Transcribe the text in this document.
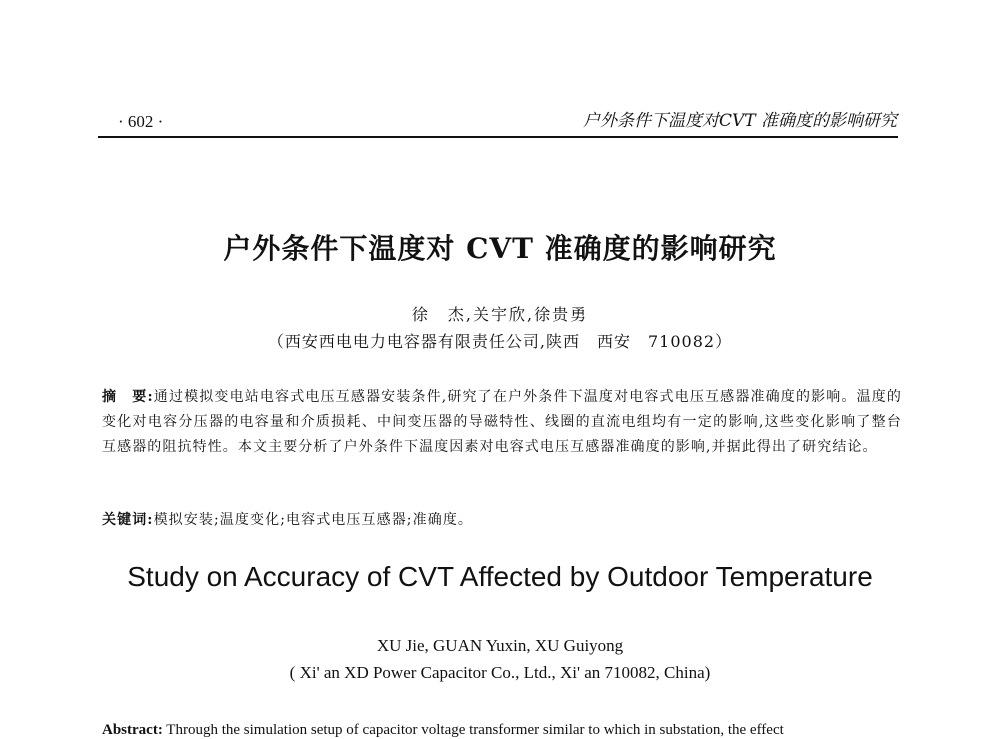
· 602 ·	户外条件下温度对CVT 准确度的影响研究
户外条件下温度对 CVT 准确度的影响研究
徐　杰,关宇欣,徐贵勇
（西安西电电力电容器有限责任公司,陕西　西安　710082）
摘　要:通过模拟变电站电容式电压互感器安装条件,研究了在户外条件下温度对电容式电压互感器准确度的影响。温度的变化对电容分压器的电容量和介质损耗、中间变压器的导磁特性、线圈的直流电组均有一定的影响,这些变化影响了整台互感器的阻抗特性。本文主要分析了户外条件下温度因素对电容式电压互感器准确度的影响,并据此得出了研究结论。
关键词:模拟安装;温度变化;电容式电压互感器;准确度。
Study on Accuracy of CVT Affected by Outdoor Temperature
XU Jie, GUAN Yuxin, XU Guiyong
( Xi' an XD Power Capacitor Co., Ltd., Xi' an 710082, China)
Abstract: Through the simulation setup of capacitor voltage transformer similar to which in substation, the effect
